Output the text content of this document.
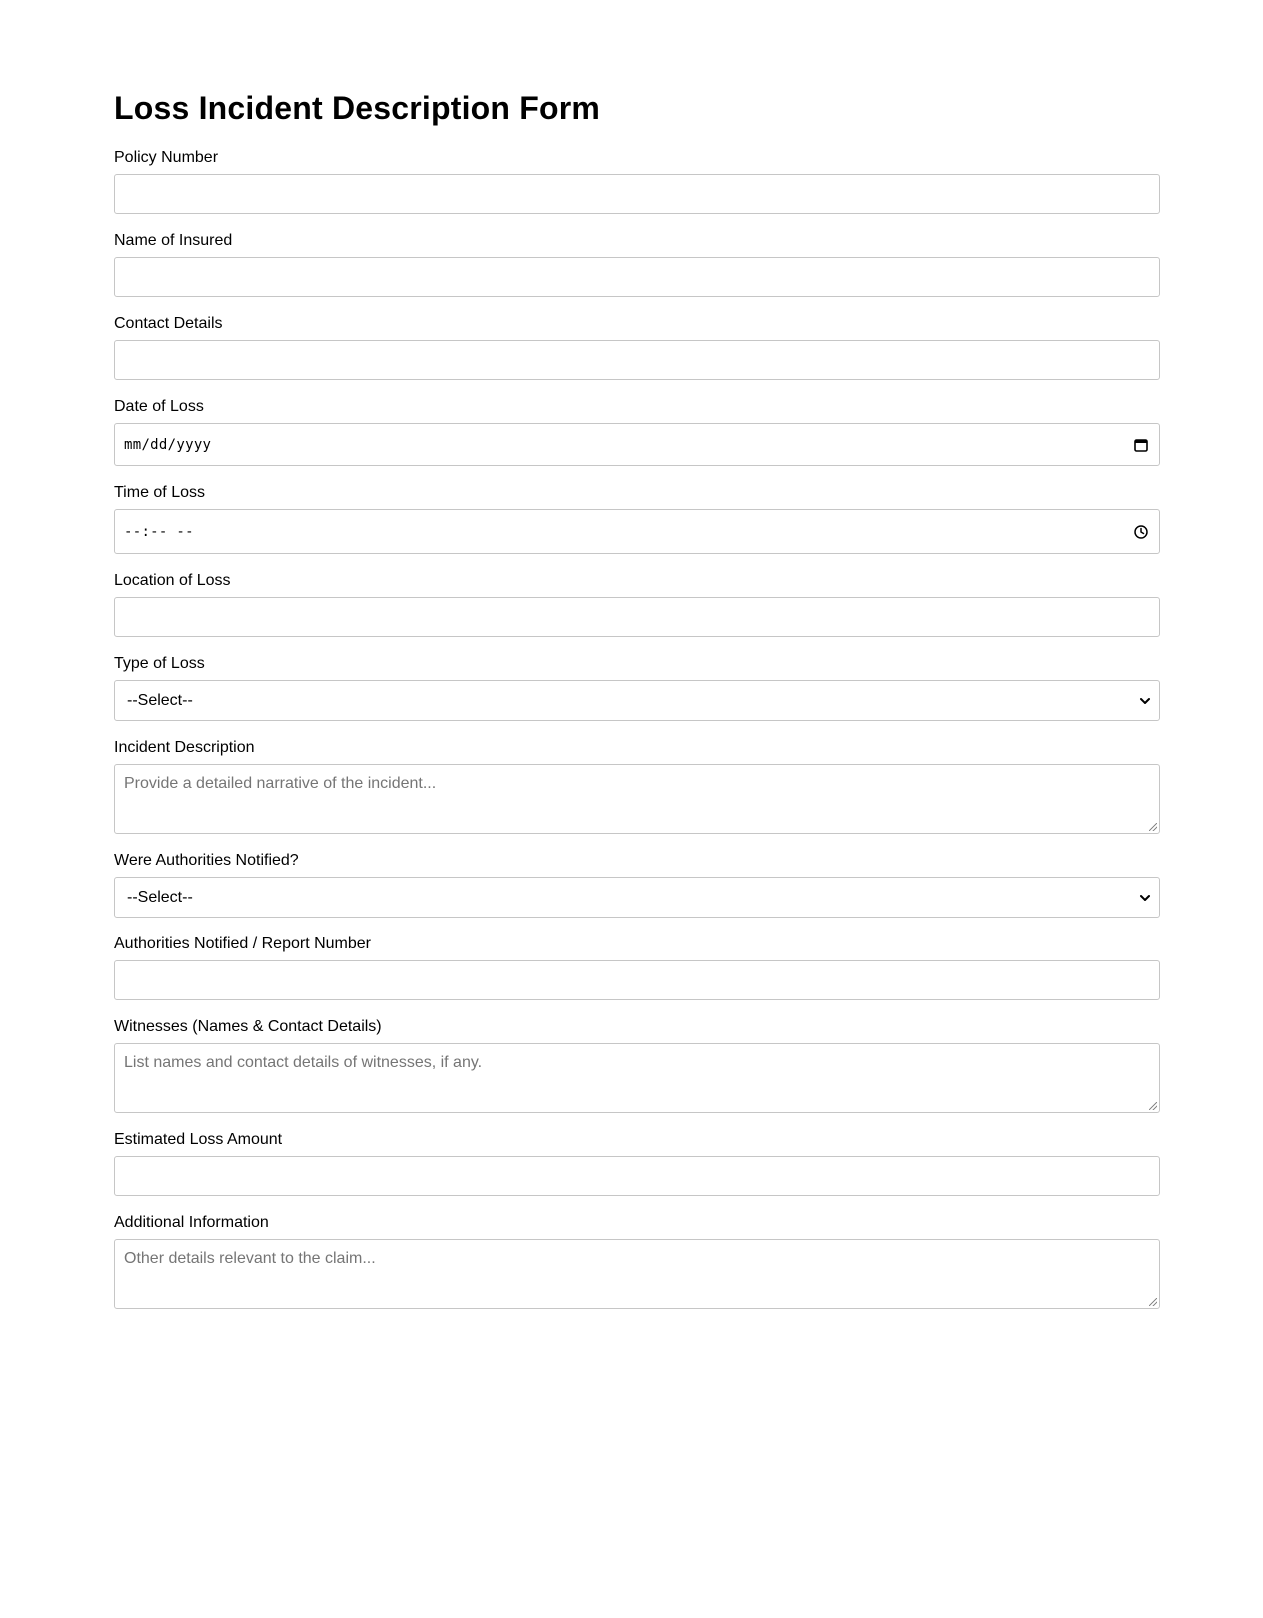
Loss Incident Description Form
Policy Number
Name of Insured
Contact Details
Date of Loss
mm/dd/yyyy
Time of Loss
--:-- --
Location of Loss
Type of Loss
--Select--
Incident Description
Provide a detailed narrative of the incident...
Were Authorities Notified?
--Select--
Authorities Notified / Report Number
Witnesses (Names & Contact Details)
List names and contact details of witnesses, if any.
Estimated Loss Amount
Additional Information
Other details relevant to the claim...
